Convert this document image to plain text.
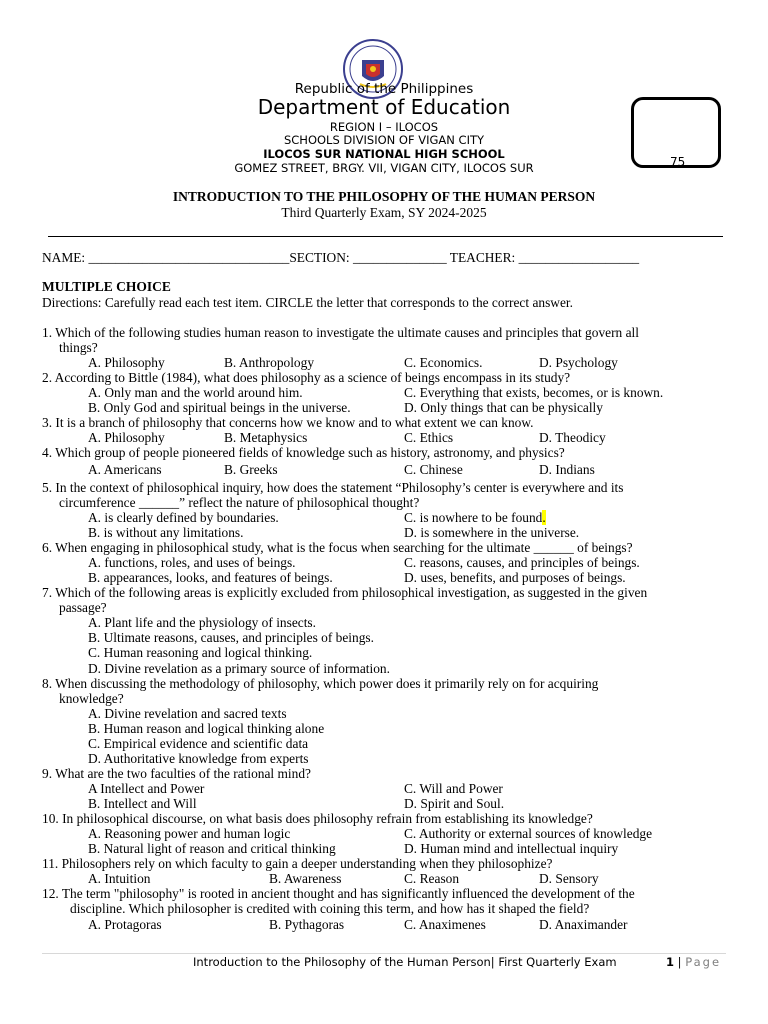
Republic of the Philippines
Department of Education
REGION I – ILOCOS
SCHOOLS DIVISION OF VIGAN CITY
ILOCOS SUR NATIONAL HIGH SCHOOL
GOMEZ STREET, BRGY. VII, VIGAN CITY, ILOCOS SUR	75
INTRODUCTION TO THE PHILOSOPHY OF THE HUMAN PERSON
Third Quarterly Exam, SY 2024-2025
NAME: ______________________________SECTION: ______________ TEACHER: __________________
MULTIPLE CHOICE
Directions: Carefully read each test item. CIRCLE the letter that corresponds to the correct answer.
1. Which of the following studies human reason to investigate the ultimate causes and principles that govern all
things?
A. Philosophy	B. Anthropology	C. Economics.	D. Psychology
2. According to Bittle (1984), what does philosophy as a science of beings encompass in its study?
A. Only man and the world around him.	C. Everything that exists, becomes, or is known.
B. Only God and spiritual beings in the universe.	D. Only things that can be physically
3. It is a branch of philosophy that concerns how we know and to what extent we can know.
A. Philosophy	B. Metaphysics	C. Ethics	D. Theodicy
4. Which group of people pioneered fields of knowledge such as history, astronomy, and physics?
A. Americans	B. Greeks	C. Chinese	D. Indians
5. In the context of philosophical inquiry, how does the statement “Philosophy’s center is everywhere and its
circumference ______” reflect the nature of philosophical thought?
A. is clearly defined by boundaries.	C. is nowhere to be found.
B. is without any limitations.	D. is somewhere in the universe.
6. When engaging in philosophical study, what is the focus when searching for the ultimate ______ of beings?
A. functions, roles, and uses of beings.	C. reasons, causes, and principles of beings.
B. appearances, looks, and features of beings.	D. uses, benefits, and purposes of beings.
7. Which of the following areas is explicitly excluded from philosophical investigation, as suggested in the given
passage?
A. Plant life and the physiology of insects.
B. Ultimate reasons, causes, and principles of beings.
C. Human reasoning and logical thinking.
D. Divine revelation as a primary source of information.
8. When discussing the methodology of philosophy, which power does it primarily rely on for acquiring
knowledge?
A. Divine revelation and sacred texts
B. Human reason and logical thinking alone
C. Empirical evidence and scientific data
D. Authoritative knowledge from experts
9. What are the two faculties of the rational mind?
A Intellect and Power	C. Will and Power
B. Intellect and Will	D. Spirit and Soul.
10. In philosophical discourse, on what basis does philosophy refrain from establishing its knowledge?
A. Reasoning power and human logic	C. Authority or external sources of knowledge
B. Natural light of reason and critical thinking	D. Human mind and intellectual inquiry
11. Philosophers rely on which faculty to gain a deeper understanding when they philosophize?
A. Intuition	B. Awareness	C. Reason	D. Sensory
12. The term "philosophy" is rooted in ancient thought and has significantly influenced the development of the
discipline. Which philosopher is credited with coining this term, and how has it shaped the field?
A. Protagoras	B. Pythagoras	C. Anaximenes	D. Anaximander
Introduction to the Philosophy of the Human Person| First Quarterly Exam	1 | Page
